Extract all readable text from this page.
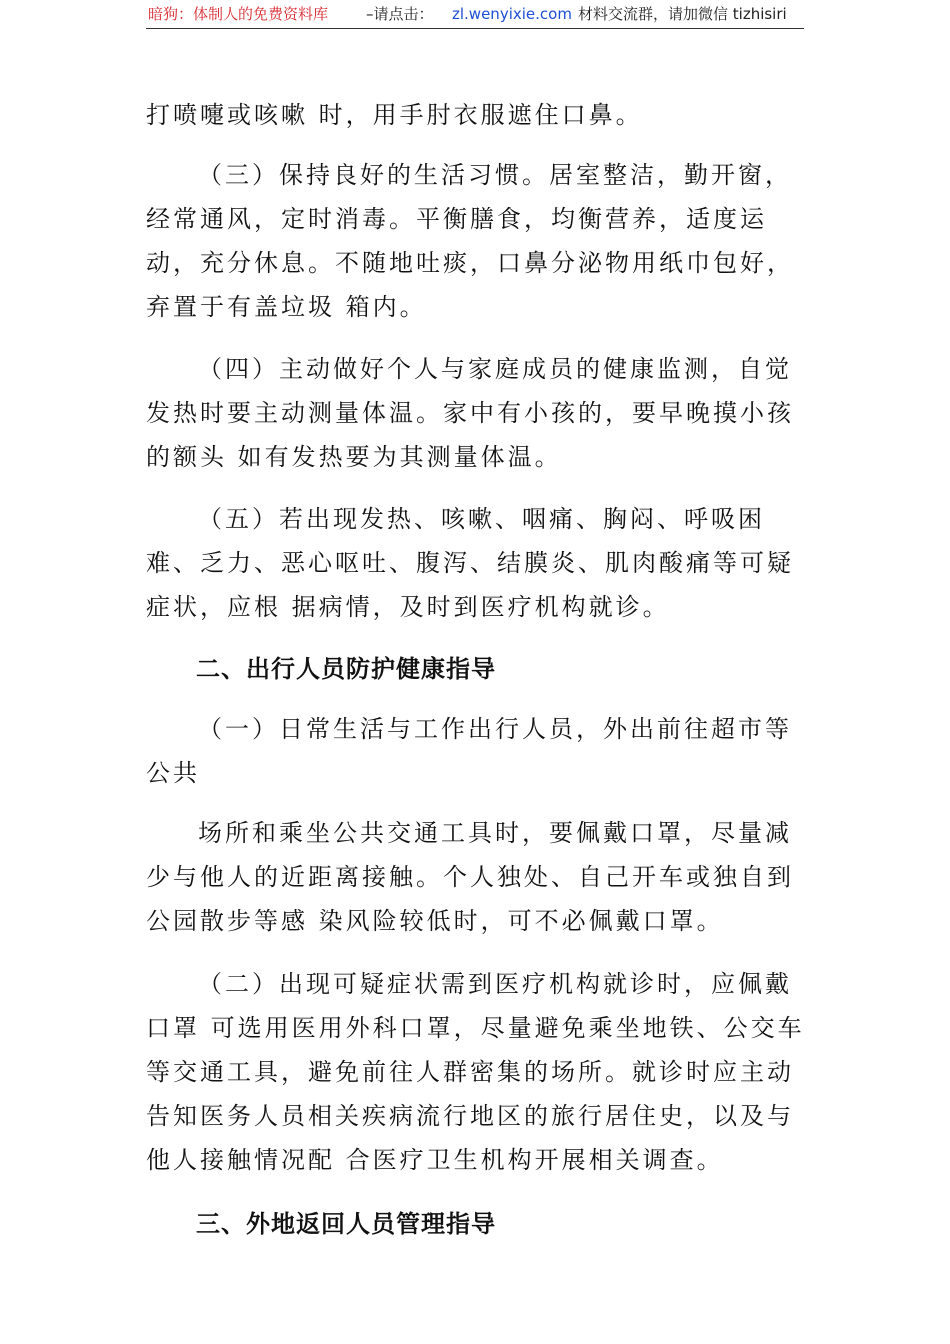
暗狗：体制人的免费资料库	–请点击： zl.wenyixie.com 材料交流群，请加微信 tizhisiri

打喷嚏或咳嗽 时，用手肘衣服遮住口鼻。

（三）保持良好的生活习惯。居室整洁，勤开窗，经常通风，定时消毒。平衡膳食，均衡营养，适度运动，充分休息。不随地吐痰，口鼻分泌物用纸巾包好，弃置于有盖垃圾 箱内。

（四）主动做好个人与家庭成员的健康监测，自觉发热时要主动测量体温。家中有小孩的，要早晚摸小孩的额头 如有发热要为其测量体温。

（五）若出现发热、咳嗽、咽痛、胸闷、呼吸困难、乏力、恶心呕吐、腹泻、结膜炎、肌肉酸痛等可疑症状，应根 据病情，及时到医疗机构就诊。

二、出行人员防护健康指导

（一）日常生活与工作出行人员，外出前往超市等公共

场所和乘坐公共交通工具时，要佩戴口罩，尽量减少与他人的近距离接触。个人独处、自己开车或独自到公园散步等感 染风险较低时，可不必佩戴口罩。

（二）出现可疑症状需到医疗机构就诊时，应佩戴口罩 可选用医用外科口罩，尽量避免乘坐地铁、公交车等交通工具，避免前往人群密集的场所。就诊时应主动告知医务人员相关疾病流行地区的旅行居住史，以及与他人接触情况配 合医疗卫生机构开展相关调查。

三、外地返回人员管理指导
